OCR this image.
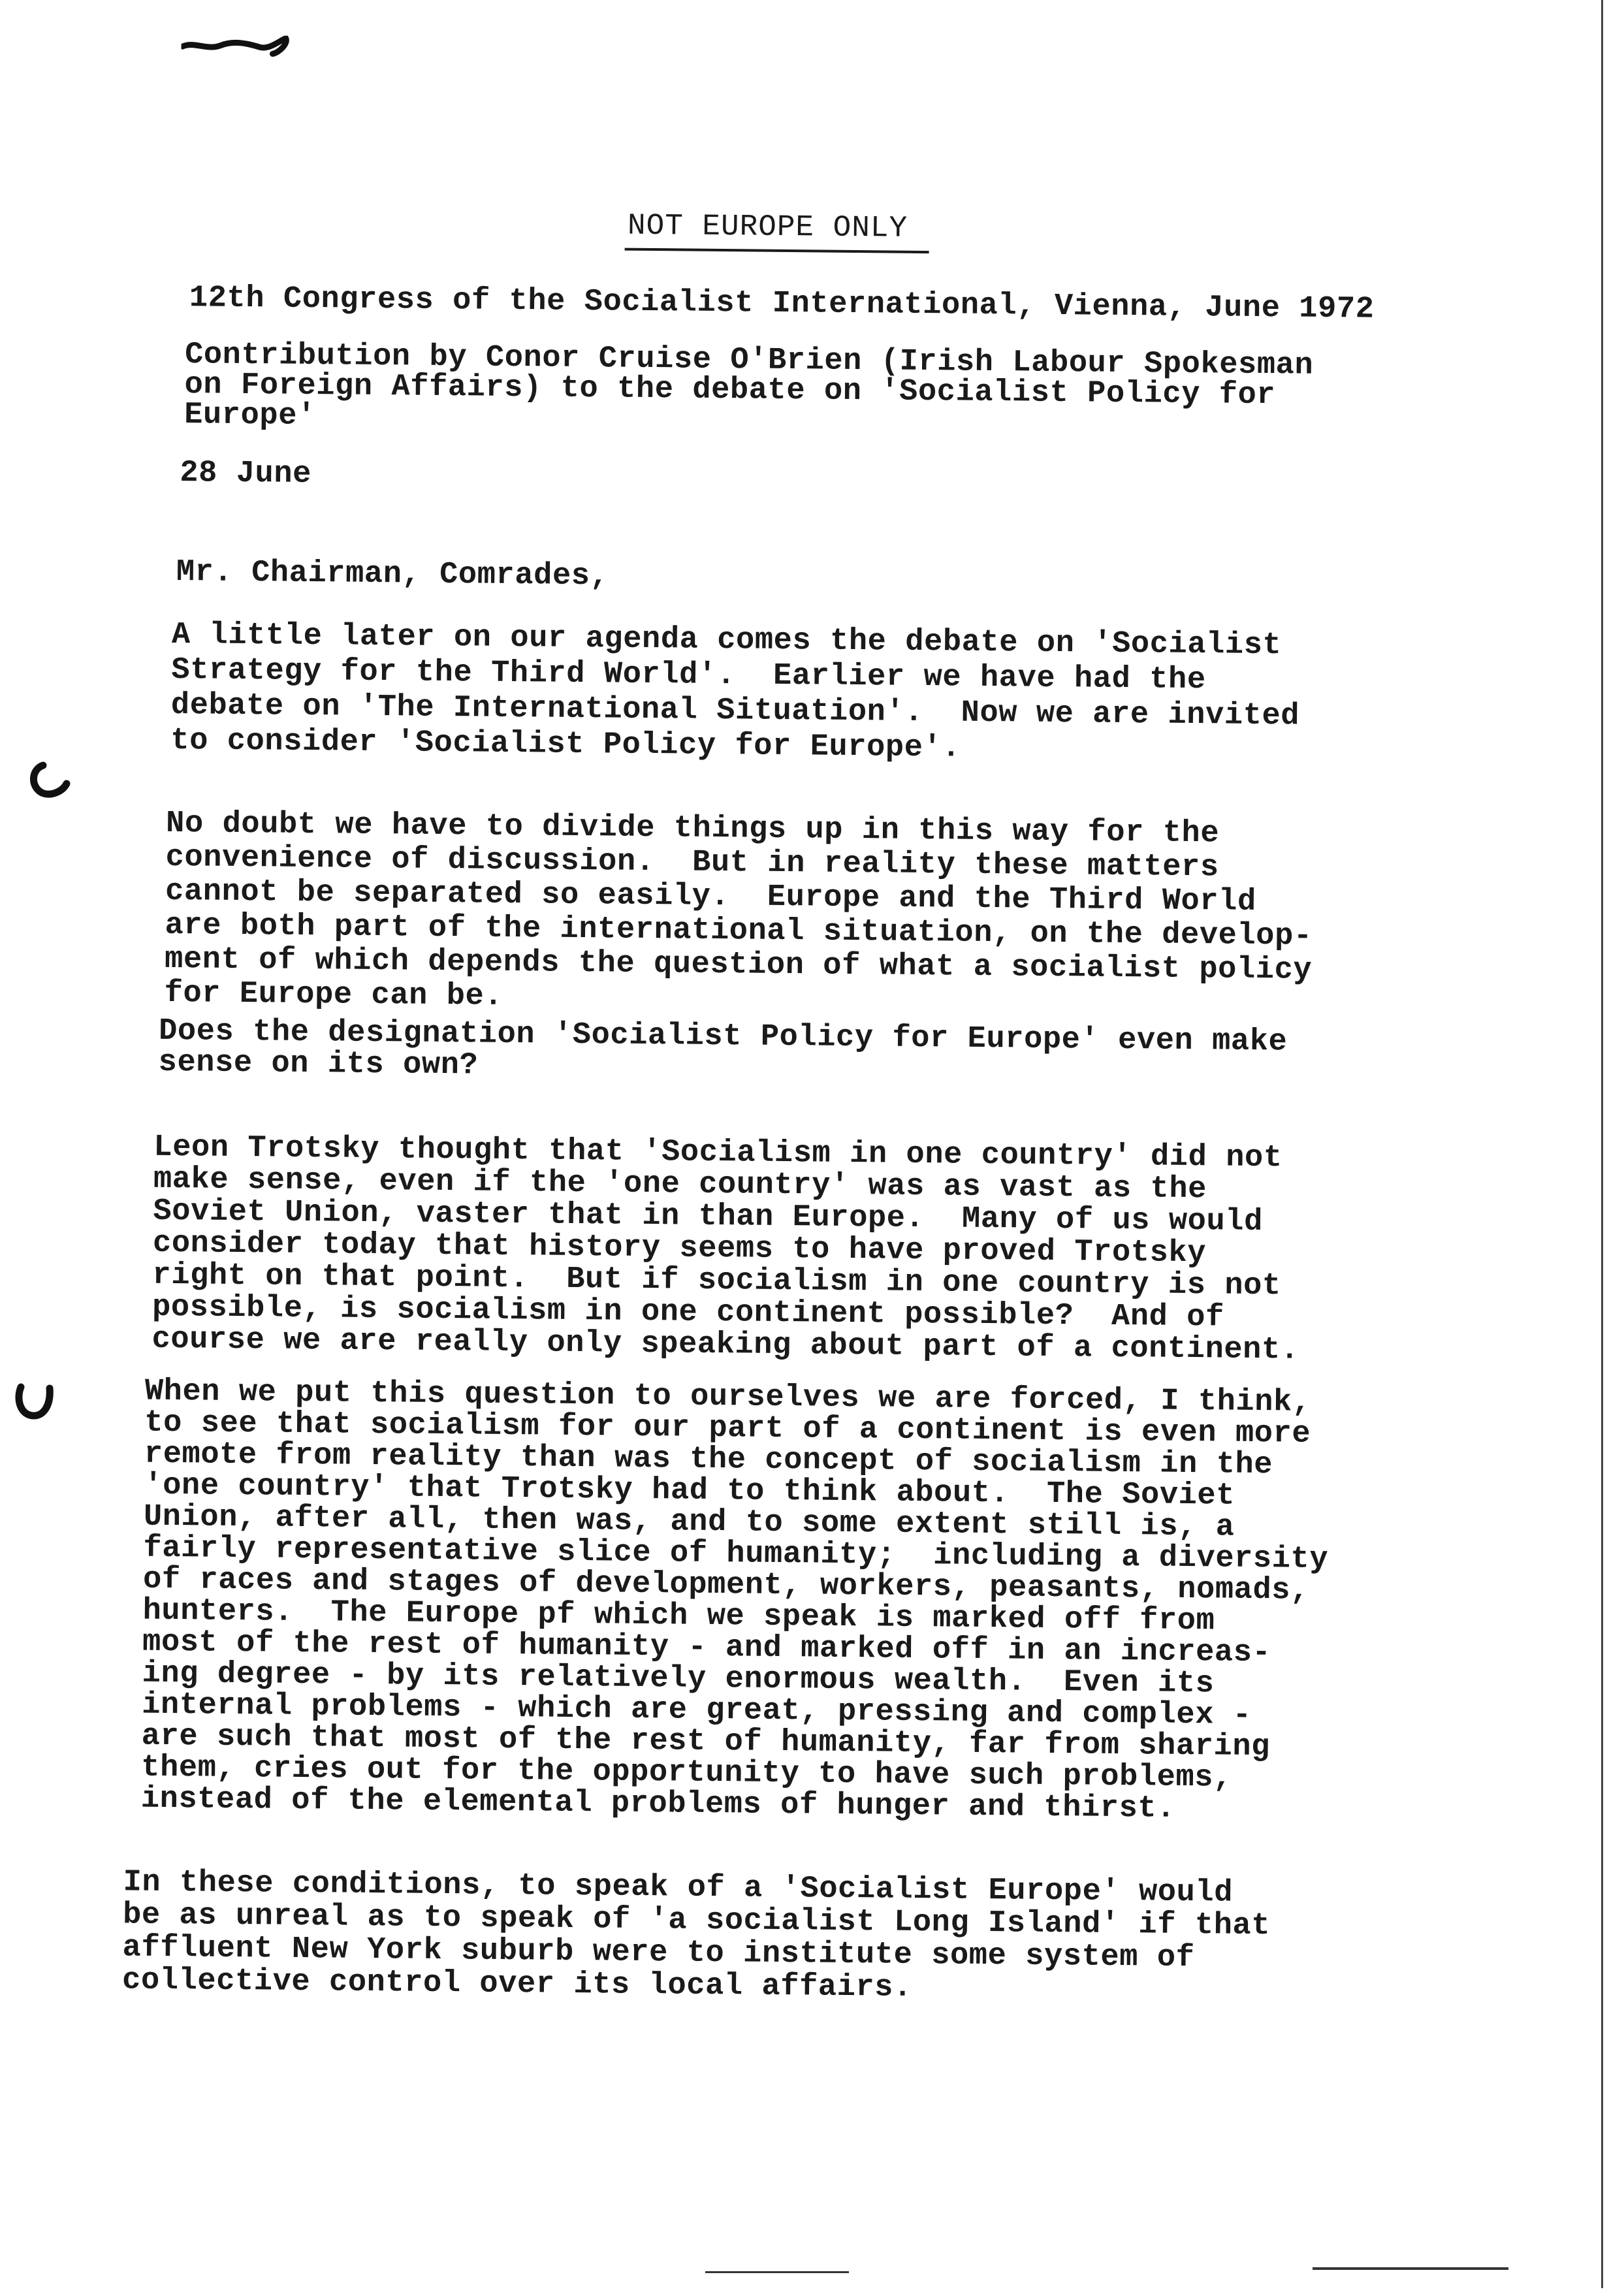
NOT EUROPE ONLY

12th Congress of the Socialist International, Vienna, June 1972

Contribution by Conor Cruise O'Brien (Irish Labour Spokesman
on Foreign Affairs) to the debate on 'Socialist Policy for
Europe'

28 June

Mr. Chairman, Comrades,

A little later on our agenda comes the debate on 'Socialist
Strategy for the Third World'.  Earlier we have had the
debate on 'The International Situation'.  Now we are invited
to consider 'Socialist Policy for Europe'.

No doubt we have to divide things up in this way for the
convenience of discussion.  But in reality these matters
cannot be separated so easily.  Europe and the Third World
are both part of the international situation, on the develop-
ment of which depends the question of what a socialist policy
for Europe can be.

Does the designation 'Socialist Policy for Europe' even make
sense on its own?

Leon Trotsky thought that 'Socialism in one country' did not
make sense, even if the 'one country' was as vast as the
Soviet Union, vaster that in than Europe.  Many of us would
consider today that history seems to have proved Trotsky
right on that point.  But if socialism in one country is not
possible, is socialism in one continent possible?  And of
course we are really only speaking about part of a continent.

When we put this question to ourselves we are forced, I think,
to see that socialism for our part of a continent is even more
remote from reality than was the concept of socialism in the
'one country' that Trotsky had to think about.  The Soviet
Union, after all, then was, and to some extent still is, a
fairly representative slice of humanity;  including a diversity
of races and stages of development, workers, peasants, nomads,
hunters.  The Europe pf which we speak is marked off from
most of the rest of humanity - and marked off in an increas-
ing degree - by its relatively enormous wealth.  Even its
internal problems - which are great, pressing and complex -
are such that most of the rest of humanity, far from sharing
them, cries out for the opportunity to have such problems,
instead of the elemental problems of hunger and thirst.

In these conditions, to speak of a 'Socialist Europe' would
be as unreal as to speak of 'a socialist Long Island' if that
affluent New York suburb were to institute some system of
collective control over its local affairs.
